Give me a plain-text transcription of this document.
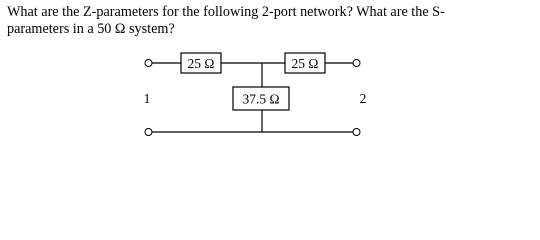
What are the Z-parameters for the following 2-port network? What are the S-
parameters in a 50 Ω system?
25 Ω	25 Ω
37.5 Ω
1	2
